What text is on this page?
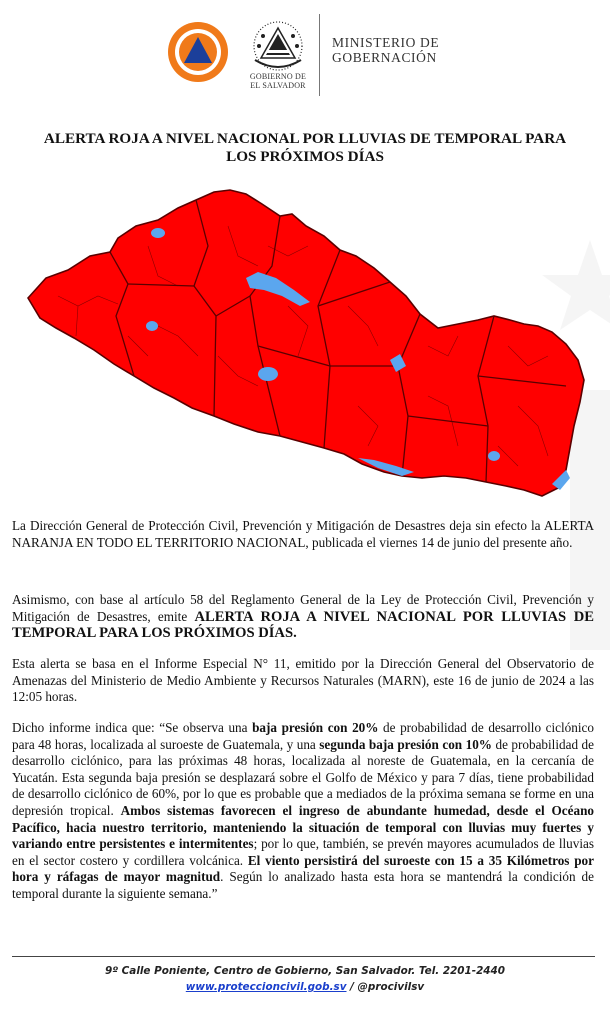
GOBIERNO DE
EL SALVADOR
MINISTERIO DE
GOBERNACIÓN
ALERTA ROJA A NIVEL NACIONAL POR LLUVIAS DE TEMPORAL PARA
LOS PRÓXIMOS DÍAS
La Dirección General de Protección Civil, Prevención y Mitigación de Desastres deja sin efecto la ALERTA NARANJA EN TODO EL TERRITORIO NACIONAL, publicada el viernes 14 de junio del presente año.
Asimismo, con base al artículo 58 del Reglamento General de la Ley de Protección Civil, Prevención y Mitigación de Desastres, emite ALERTA ROJA A NIVEL NACIONAL POR LLUVIAS DE TEMPORAL PARA LOS PRÓXIMOS DÍAS.
Esta alerta se basa en el Informe Especial N° 11, emitido por la Dirección General del Observatorio de Amenazas del Ministerio de Medio Ambiente y Recursos Naturales (MARN), este 16 de junio de 2024 a las 12:05 horas.
Dicho informe indica que: “Se observa una baja presión con 20% de probabilidad de desarrollo ciclónico para 48 horas, localizada al suroeste de Guatemala, y una segunda baja presión con 10% de probabilidad de desarrollo ciclónico, para las próximas 48 horas, localizada al noreste de Guatemala, en la cercanía de Yucatán. Esta segunda baja presión se desplazará sobre el Golfo de México y para 7 días, tiene probabilidad de desarrollo ciclónico de 60%, por lo que es probable que a mediados de la próxima semana se forme en una depresión tropical. Ambos sistemas favorecen el ingreso de abundante humedad, desde el Océano Pacífico, hacia nuestro territorio, manteniendo la situación de temporal con lluvias muy fuertes y variando entre persistentes e intermitentes; por lo que, también, se prevén mayores acumulados de lluvias en el sector costero y cordillera volcánica. El viento persistirá del suroeste con 15 a 35 Kilómetros por hora y ráfagas de mayor magnitud. Según lo analizado hasta esta hora se mantendrá la condición de temporal durante la siguiente semana.”
9º Calle Poniente, Centro de Gobierno, San Salvador. Tel. 2201-2440
www.proteccioncivil.gob.sv / @procivilsv
